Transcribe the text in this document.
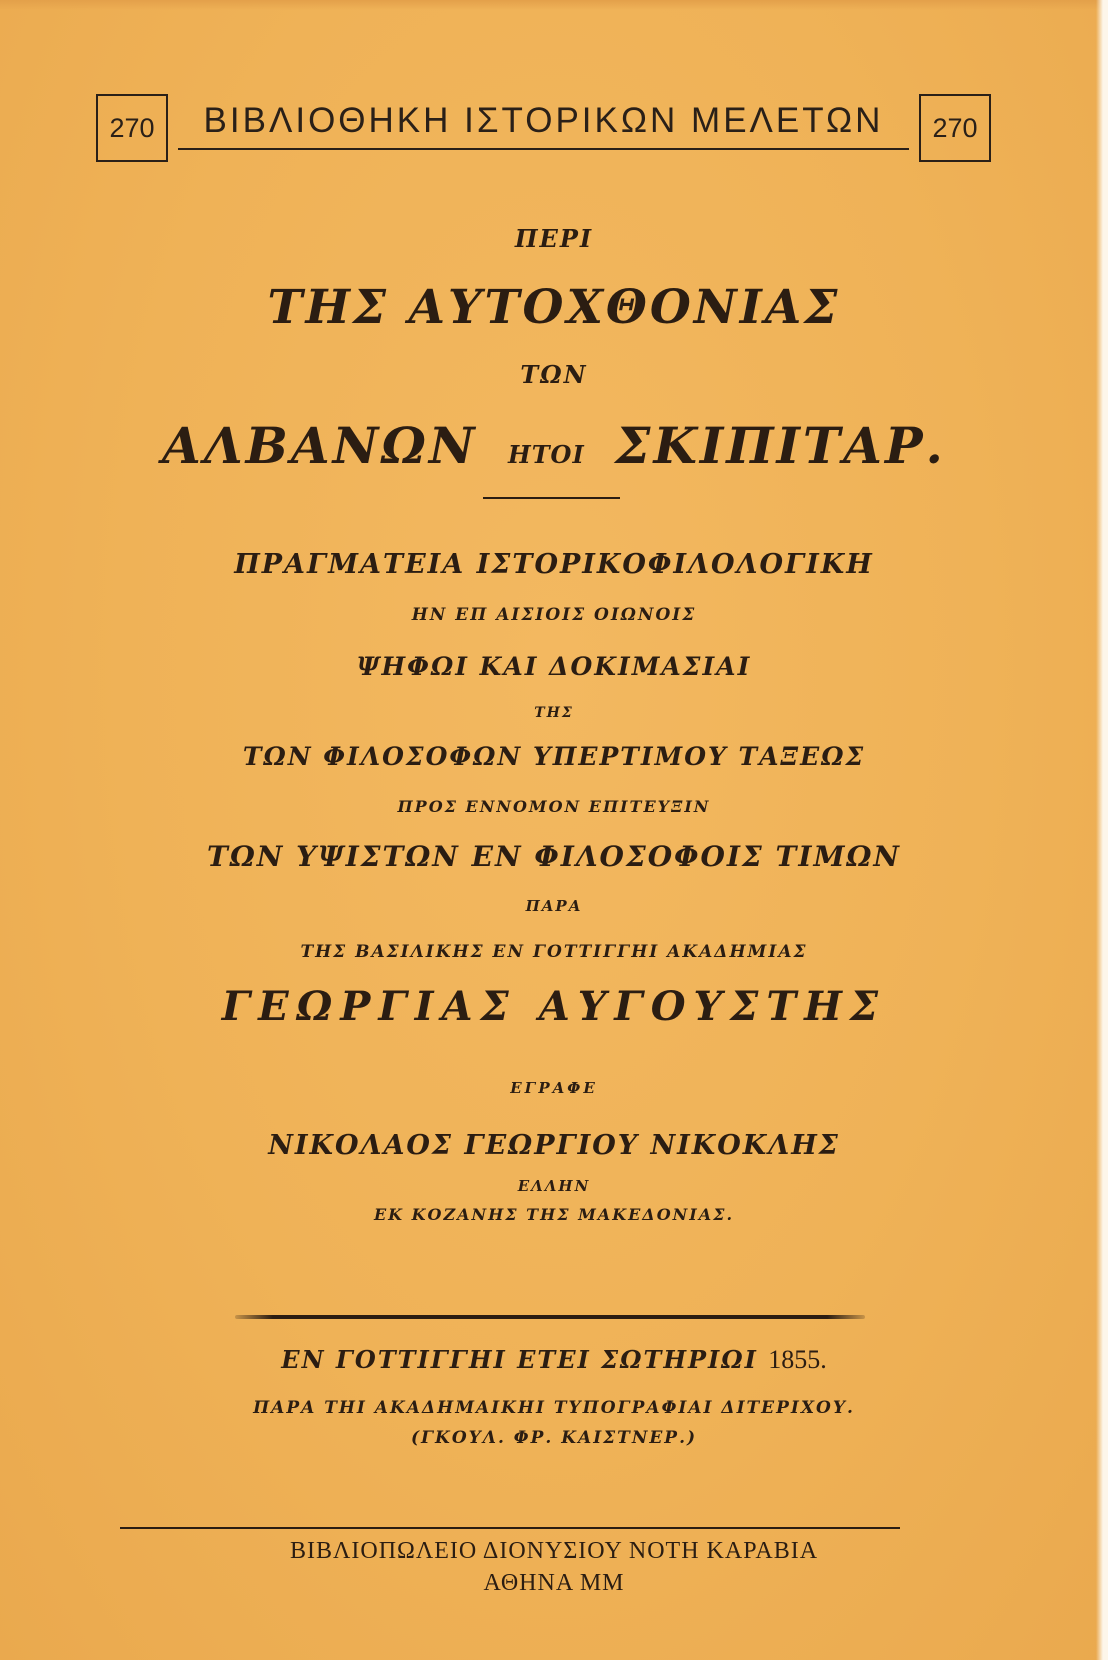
270	ΒΙΒΛΙΟΘΗΚΗ ΙΣΤΟΡΙΚΩΝ ΜΕΛΕΤΩΝ	270
ΠΕΡΙ
ΤΗΣ ΑΥΤΟΧΘΟΝΙΑΣ
ΤΩΝ
ΑΛΒΑΝΩΝ ΗΤΟΙ ΣΚΙΠΙΤΑΡ.
ΠΡΑΓΜΑΤΕΙΑ ΙΣΤΟΡΙΚΟΦΙΛΟΛΟΓΙΚΗ
ΗΝ ΕΠ ΑΙΣΙΟΙΣ ΟΙΩΝΟΙΣ
ΨΗΦΩΙ ΚΑΙ ΔΟΚΙΜΑΣΙΑΙ
ΤΗΣ
ΤΩΝ ΦΙΛΟΣΟΦΩΝ ΥΠΕΡΤΙΜΟΥ ΤΑΞΕΩΣ
ΠΡΟΣ ΕΝΝΟΜΟΝ ΕΠΙΤΕΥΞΙΝ
ΤΩΝ ΥΨΙΣΤΩΝ ΕΝ ΦΙΛΟΣΟΦΟΙΣ ΤΙΜΩΝ
ΠΑΡΑ
ΤΗΣ ΒΑΣΙΛΙΚΗΣ ΕΝ ΓΟΤΤΙΓΓΗΙ ΑΚΑΔΗΜΙΑΣ
ΓΕΩΡΓΙΑΣ ΑΥΓΟΥΣΤΗΣ
ΕΓΡΑΦΕ
ΝΙΚΟΛΑΟΣ ΓΕΩΡΓΙΟΥ ΝΙΚΟΚΛΗΣ
ΕΛΛΗΝ
ΕΚ ΚΟΖΑΝΗΣ ΤΗΣ ΜΑΚΕΔΟΝΙΑΣ.
ΕΝ ΓΟΤΤΙΓΓΗΙ ΕΤΕΙ ΣΩΤΗΡΙΩΙ 1855.
ΠΑΡΑ ΤΗΙ ΑΚΑΔΗΜΑΙΚΗΙ ΤΥΠΟΓΡΑΦΙΑΙ ΔΙΤΕΡΙΧΟΥ.
(ΓΚΟΥΛ. ΦΡ. ΚΑΙΣΤΝΕΡ.)
ΒΙΒΛΙΟΠΩΛΕΙΟ ΔΙΟΝΥΣΙΟΥ ΝΟΤΗ ΚΑΡΑΒΙΑ
ΑΘΗΝΑ ΜΜ
